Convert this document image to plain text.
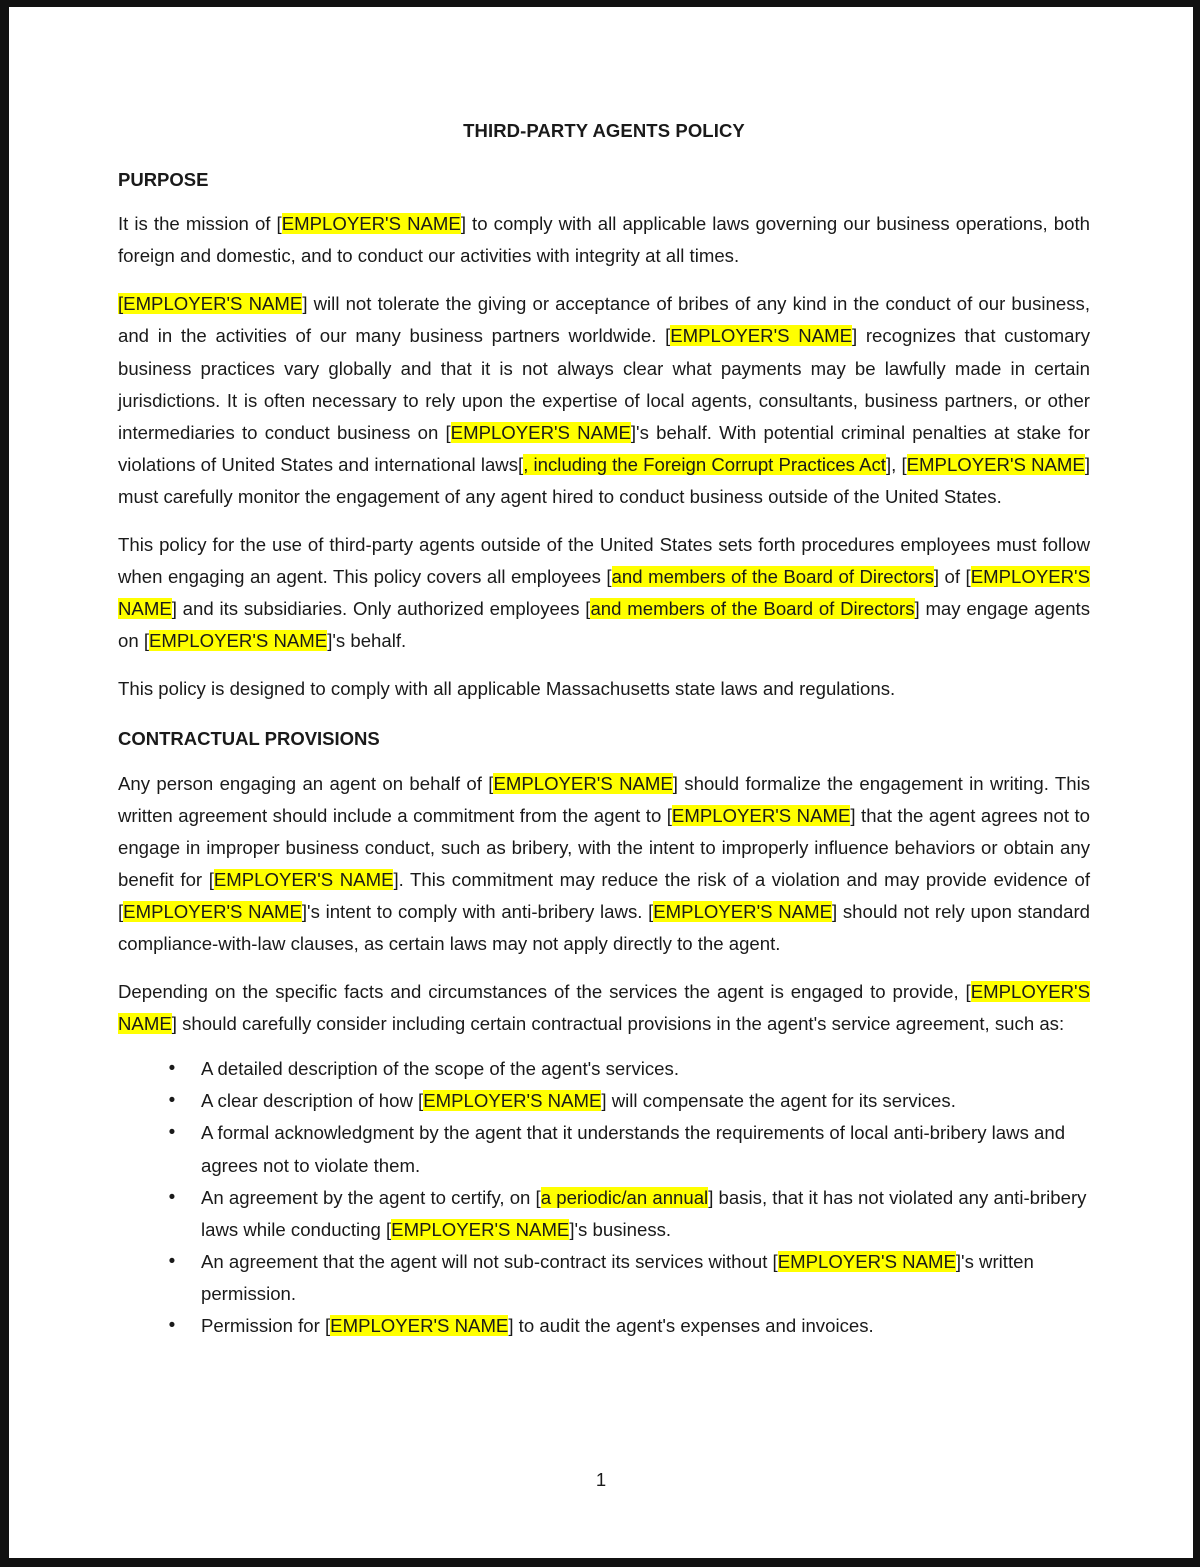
THIRD-PARTY AGENTS POLICY
PURPOSE

It is the mission of [EMPLOYER'S NAME] to comply with all applicable laws governing our business operations, both foreign and domestic, and to conduct our activities with integrity at all times.

[EMPLOYER'S NAME] will not tolerate the giving or acceptance of bribes of any kind in the conduct of our business, and in the activities of our many business partners worldwide. [EMPLOYER'S NAME] recognizes that customary business practices vary globally and that it is not always clear what payments may be lawfully made in certain jurisdictions. It is often necessary to rely upon the expertise of local agents, consultants, business partners, or other intermediaries to conduct business on [EMPLOYER'S NAME]'s behalf. With potential criminal penalties at stake for violations of United States and international laws[, including the Foreign Corrupt Practices Act], [EMPLOYER'S NAME] must carefully monitor the engagement of any agent hired to conduct business outside of the United States.

This policy for the use of third-party agents outside of the United States sets forth procedures employees must follow when engaging an agent. This policy covers all employees [and members of the Board of Directors] of [EMPLOYER'S NAME] and its subsidiaries. Only authorized employees [and members of the Board of Directors] may engage agents on [EMPLOYER'S NAME]'s behalf.

This policy is designed to comply with all applicable Massachusetts state laws and regulations.

CONTRACTUAL PROVISIONS

Any person engaging an agent on behalf of [EMPLOYER'S NAME] should formalize the engagement in writing. This written agreement should include a commitment from the agent to [EMPLOYER'S NAME] that the agent agrees not to engage in improper business conduct, such as bribery, with the intent to improperly influence behaviors or obtain any benefit for [EMPLOYER'S NAME]. This commitment may reduce the risk of a violation and may provide evidence of [EMPLOYER'S NAME]'s intent to comply with anti-bribery laws. [EMPLOYER'S NAME] should not rely upon standard compliance-with-law clauses, as certain laws may not apply directly to the agent.

Depending on the specific facts and circumstances of the services the agent is engaged to provide, [EMPLOYER'S NAME] should carefully consider including certain contractual provisions in the agent's service agreement, such as:

• A detailed description of the scope of the agent's services.
• A clear description of how [EMPLOYER'S NAME] will compensate the agent for its services.
• A formal acknowledgment by the agent that it understands the requirements of local anti-bribery laws and agrees not to violate them.
• An agreement by the agent to certify, on [a periodic/an annual] basis, that it has not violated any anti-bribery laws while conducting [EMPLOYER'S NAME]'s business.
• An agreement that the agent will not sub-contract its services without [EMPLOYER'S NAME]'s written permission.
• Permission for [EMPLOYER'S NAME] to audit the agent's expenses and invoices.
1
